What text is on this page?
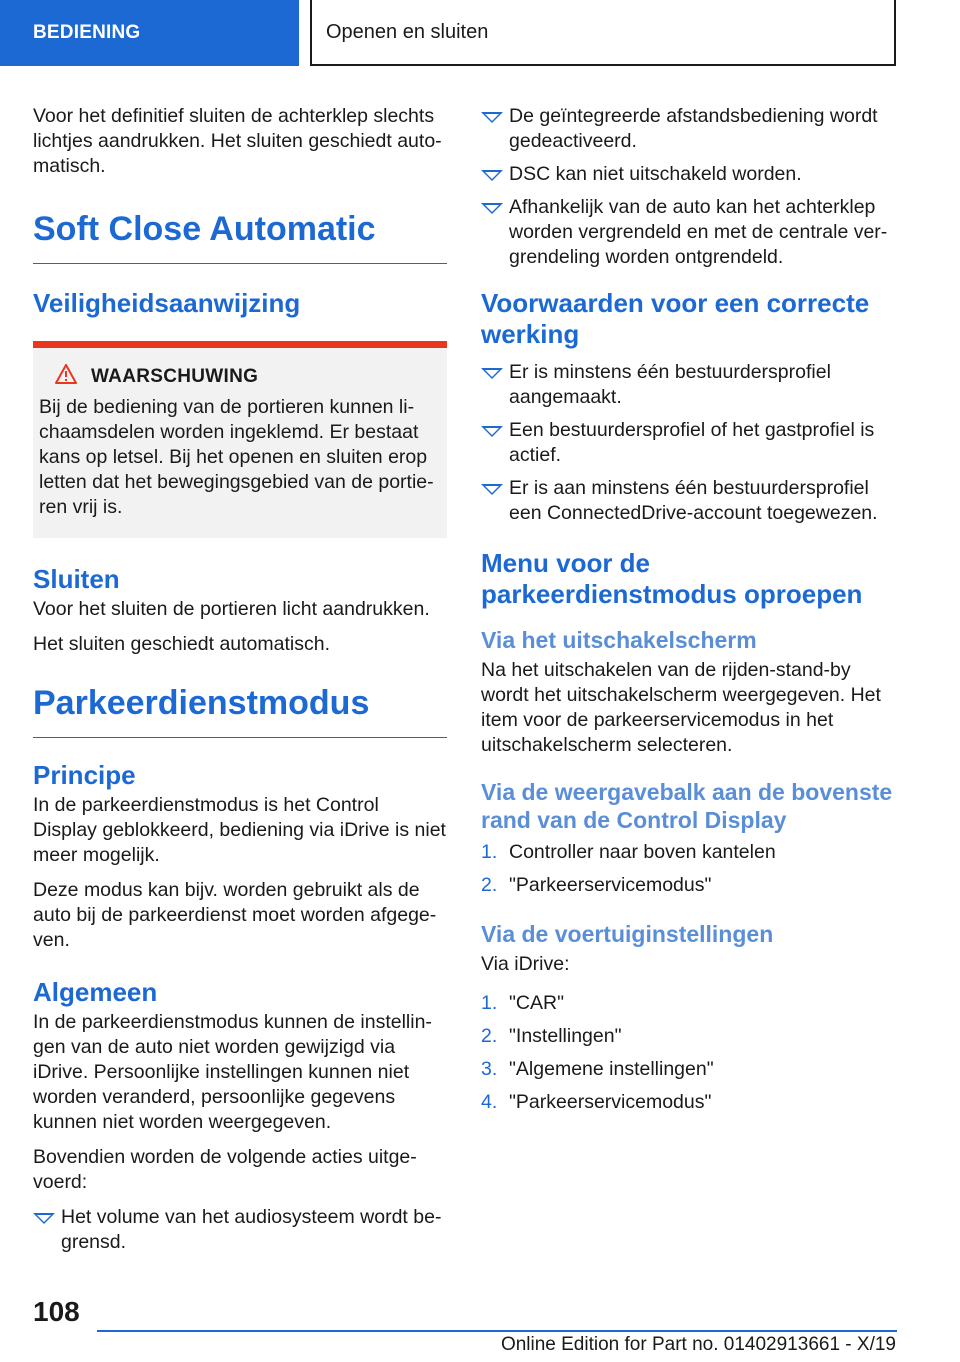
BEDIENING	Openen en sluiten

Voor het definitief sluiten de achterklep slechts lichtjes aandrukken. Het sluiten geschiedt automatisch.

Soft Close Automatic
Veiligheidsaanwijzing
WAARSCHUWING

Bij de bediening van de portieren kunnen lichaamsdelen worden ingeklemd. Er bestaat kans op letsel. Bij het openen en sluiten erop letten dat het bewegingsgebied van de portieren vrij is.

Sluiten

Voor het sluiten de portieren licht aandrukken.

Het sluiten geschiedt automatisch.

Parkeerdienstmodus
Principe

In de parkeerdienstmodus is het Control Display geblokkeerd, bediening via iDrive is niet meer mogelijk.

Deze modus kan bijv. worden gebruikt als de auto bij de parkeerdienst moet worden afgegeven.

Algemeen

In de parkeerdienstmodus kunnen de instellingen van de auto niet worden gewijzigd via iDrive. Persoonlijke instellingen kunnen niet worden veranderd, persoonlijke gegevens kunnen niet worden weergegeven.

Bovendien worden de volgende acties uitgevoerd:

Het volume van het audiosysteem wordt begrensd.
De geïntegreerde afstandsbediening wordt gedeactiveerd.
DSC kan niet uitschakeld worden.
Afhankelijk van de auto kan het achterklep worden vergrendeld en met de centrale vergrendeling worden ontgrendeld.
Voorwaarden voor een correcte werking
Er is minstens één bestuurdersprofiel aangemaakt.
Een bestuurdersprofiel of het gastprofiel is actief.
Er is aan minstens één bestuurdersprofiel een ConnectedDrive-account toegewezen.
Menu voor de parkeerdienstmodus oproepen
Via het uitschakelscherm

Na het uitschakelen van de rijden-stand-by wordt het uitschakelscherm weergegeven. Het item voor de parkeerservicemodus in het uitschakelscherm selecteren.

Via de weergavebalk aan de bovenste rand van de Control Display
1. Controller naar boven kantelen
2. "Parkeerservicemodus"
Via de voertuiginstellingen

Via iDrive:

1. "CAR"
2. "Instellingen"
3. "Algemene instellingen"
4. "Parkeerservicemodus"
108
Online Edition for Part no. 01402913661 - X/19
